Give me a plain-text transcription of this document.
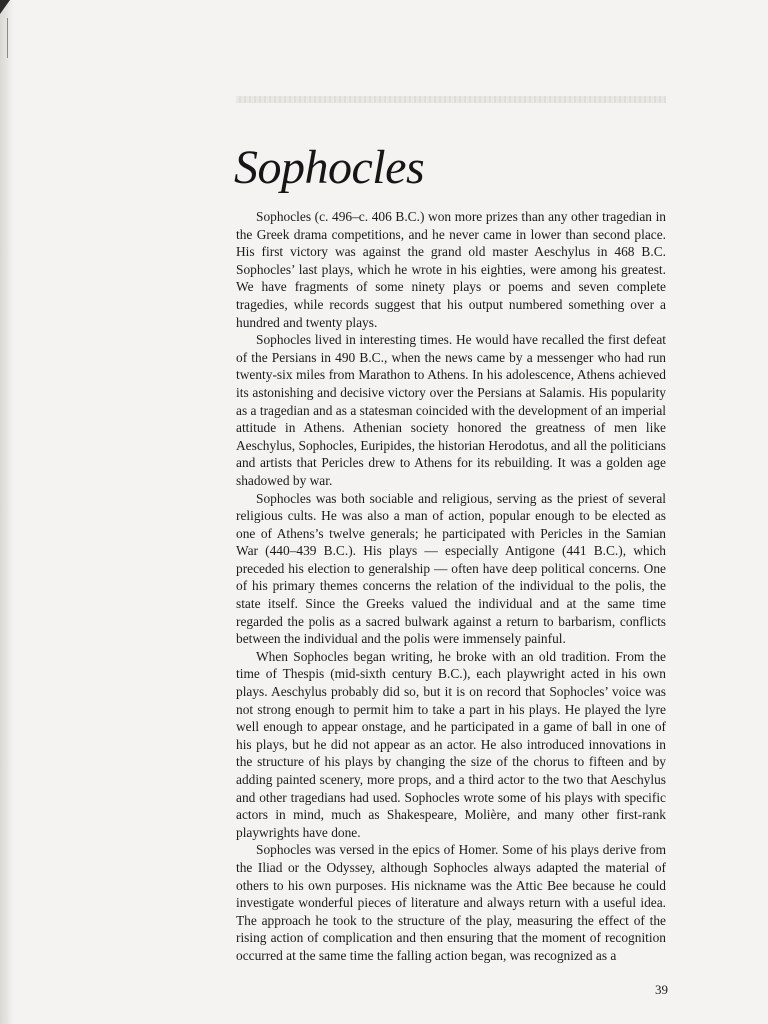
Sophocles

Sophocles (c. 496–c. 406 B.C.) won more prizes than any other tragedian in the Greek drama competitions, and he never came in lower than second place. His first victory was against the grand old master Aeschylus in 468 B.C. Sophocles’ last plays, which he wrote in his eighties, were among his greatest. We have fragments of some ninety plays or poems and seven complete tragedies, while records suggest that his output numbered something over a hundred and twenty plays.

Sophocles lived in interesting times. He would have recalled the first defeat of the Persians in 490 B.C., when the news came by a messenger who had run twenty-six miles from Marathon to Athens. In his adolescence, Athens achieved its astonishing and decisive victory over the Persians at Salamis. His popularity as a tragedian and as a statesman coincided with the development of an imperial attitude in Athens. Athenian society honored the greatness of men like Aeschylus, Sophocles, Euripides, the historian Herodotus, and all the politicians and artists that Pericles drew to Athens for its rebuilding. It was a golden age shadowed by war.

Sophocles was both sociable and religious, serving as the priest of several religious cults. He was also a man of action, popular enough to be elected as one of Athens’s twelve generals; he participated with Pericles in the Samian War (440–439 B.C.). His plays — especially Antigone (441 B.C.), which preceded his election to generalship — often have deep political concerns. One of his primary themes concerns the relation of the individual to the polis, the state itself. Since the Greeks valued the individual and at the same time regarded the polis as a sacred bulwark against a return to barbarism, conflicts between the individual and the polis were immensely painful.

When Sophocles began writing, he broke with an old tradition. From the time of Thespis (mid-sixth century B.C.), each playwright acted in his own plays. Aeschylus probably did so, but it is on record that Sophocles’ voice was not strong enough to permit him to take a part in his plays. He played the lyre well enough to appear onstage, and he participated in a game of ball in one of his plays, but he did not appear as an actor. He also introduced innovations in the structure of his plays by changing the size of the chorus to fifteen and by adding painted scenery, more props, and a third actor to the two that Aeschylus and other tragedians had used. Sophocles wrote some of his plays with specific actors in mind, much as Shakespeare, Molière, and many other first-rank playwrights have done.

Sophocles was versed in the epics of Homer. Some of his plays derive from the Iliad or the Odyssey, although Sophocles always adapted the material of others to his own purposes. His nickname was the Attic Bee because he could investigate wonderful pieces of literature and always return with a useful idea. The approach he took to the structure of the play, measuring the effect of the rising action of complication and then ensuring that the moment of recognition occurred at the same time the falling action began, was recognized as a

39
